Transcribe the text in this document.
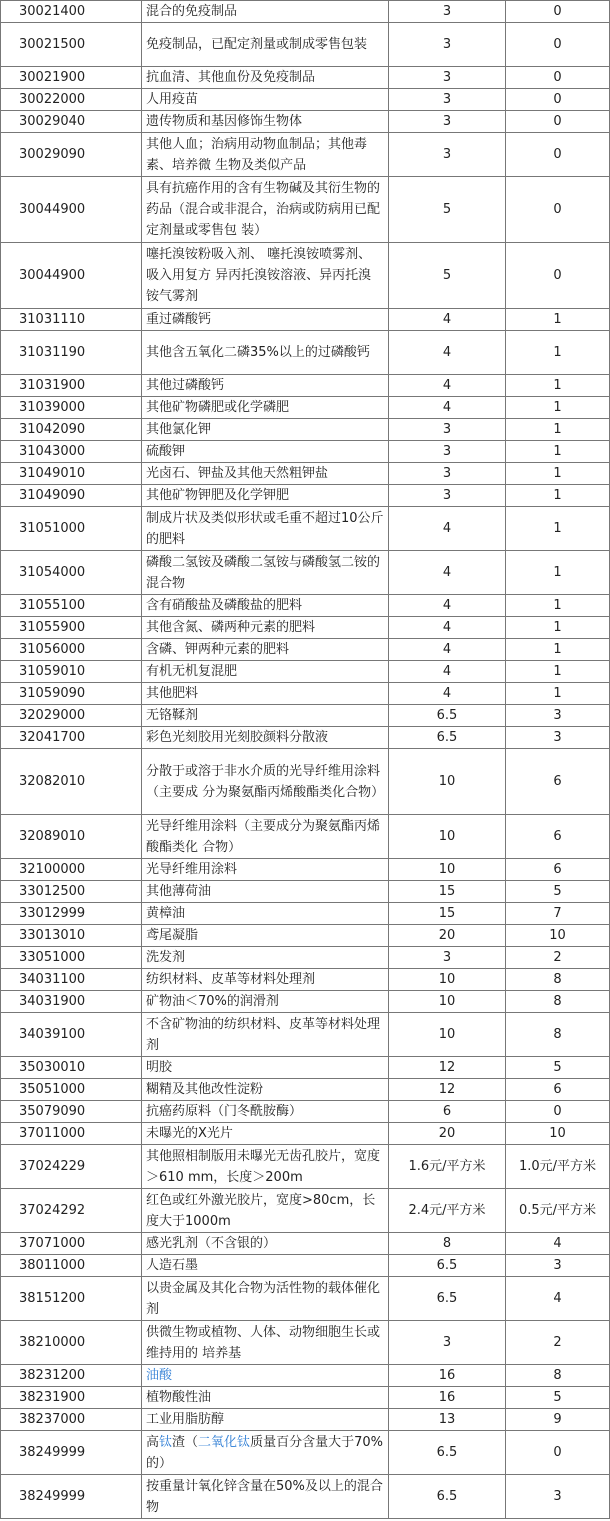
30021400	混合的免疫制品	3	0
30021500	免疫制品，已配定剂量或制成零售包装	3	0
30021900	抗血清、其他血份及免疫制品	3	0
30022000	人用疫苗	3	0
30029040	遗传物质和基因修饰生物体	3	0
30029090	其他人血；治病用动物血制品；其他毒素、培养微 生物及类似产品	3	0
30044900	具有抗癌作用的含有生物碱及其衍生物的药品（混合或非混合，治病或防病用已配定剂量或零售包 装）	5	0
30044900	噻托溴铵粉吸入剂、 噻托溴铵喷雾剂、吸入用复方 异丙托溴铵溶液、异丙托溴铵气雾剂	5	0
31031110	重过磷酸钙	4	1
31031190	其他含五氧化二磷35%以上的过磷酸钙	4	1
31031900	其他过磷酸钙	4	1
31039000	其他矿物磷肥或化学磷肥	4	1
31042090	其他氯化钾	3	1
31043000	硫酸钾	3	1
31049010	光卤石、钾盐及其他天然粗钾盐	3	1
31049090	其他矿物钾肥及化学钾肥	3	1
31051000	制成片状及类似形状或毛重不超过10公斤的肥料	4	1
31054000	磷酸二氢铵及磷酸二氢铵与磷酸氢二铵的混合物	4	1
31055100	含有硝酸盐及磷酸盐的肥料	4	1
31055900	其他含氮、磷两种元素的肥料	4	1
31056000	含磷、钾两种元素的肥料	4	1
31059010	有机无机复混肥	4	1
31059090	其他肥料	4	1
32029000	无铬鞣剂	6.5	3
32041700	彩色光刻胶用光刻胶颜料分散液	6.5	3
32082010	分散于或溶于非水介质的光导纤维用涂料（主要成 分为聚氨酯丙烯酸酯类化合物）	10	6
32089010	光导纤维用涂料（主要成分为聚氨酯丙烯酸酯类化 合物）	10	6
32100000	光导纤维用涂料	10	6
33012500	其他薄荷油	15	5
33012999	黄樟油	15	7
33013010	鸢尾凝脂	20	10
33051000	洗发剂	3	2
34031100	纺织材料、皮革等材料处理剂	10	8
34031900	矿物油＜70%的润滑剂	10	8
34039100	不含矿物油的纺织材料、皮革等材料处理剂	10	8
35030010	明胶	12	5
35051000	糊精及其他改性淀粉	12	6
35079090	抗癌药原料（门冬酰胺酶）	6	0
37011000	未曝光的X光片	20	10
37024229	其他照相制版用未曝光无齿孔胶片，宽度＞610 mm，长度＞200m	1.6元/平方米	1.0元/平方米
37024292	红色或红外激光胶片，宽度>80cm，长度大于1000m	2.4元/平方米	0.5元/平方米
37071000	感光乳剂（不含银的）	8	4
38011000	人造石墨	6.5	3
38151200	以贵金属及其化合物为活性物的载体催化剂	6.5	4
38210000	供微生物或植物、人体、动物细胞生长或维持用的 培养基	3	2
38231200	油酸	16	8
38231900	植物酸性油	16	5
38237000	工业用脂肪醇	13	9
38249999	高钛渣（二氧化钛质量百分含量大于70%的）	6.5	0
38249999	按重量计氧化锌含量在50%及以上的混合物	6.5	3
